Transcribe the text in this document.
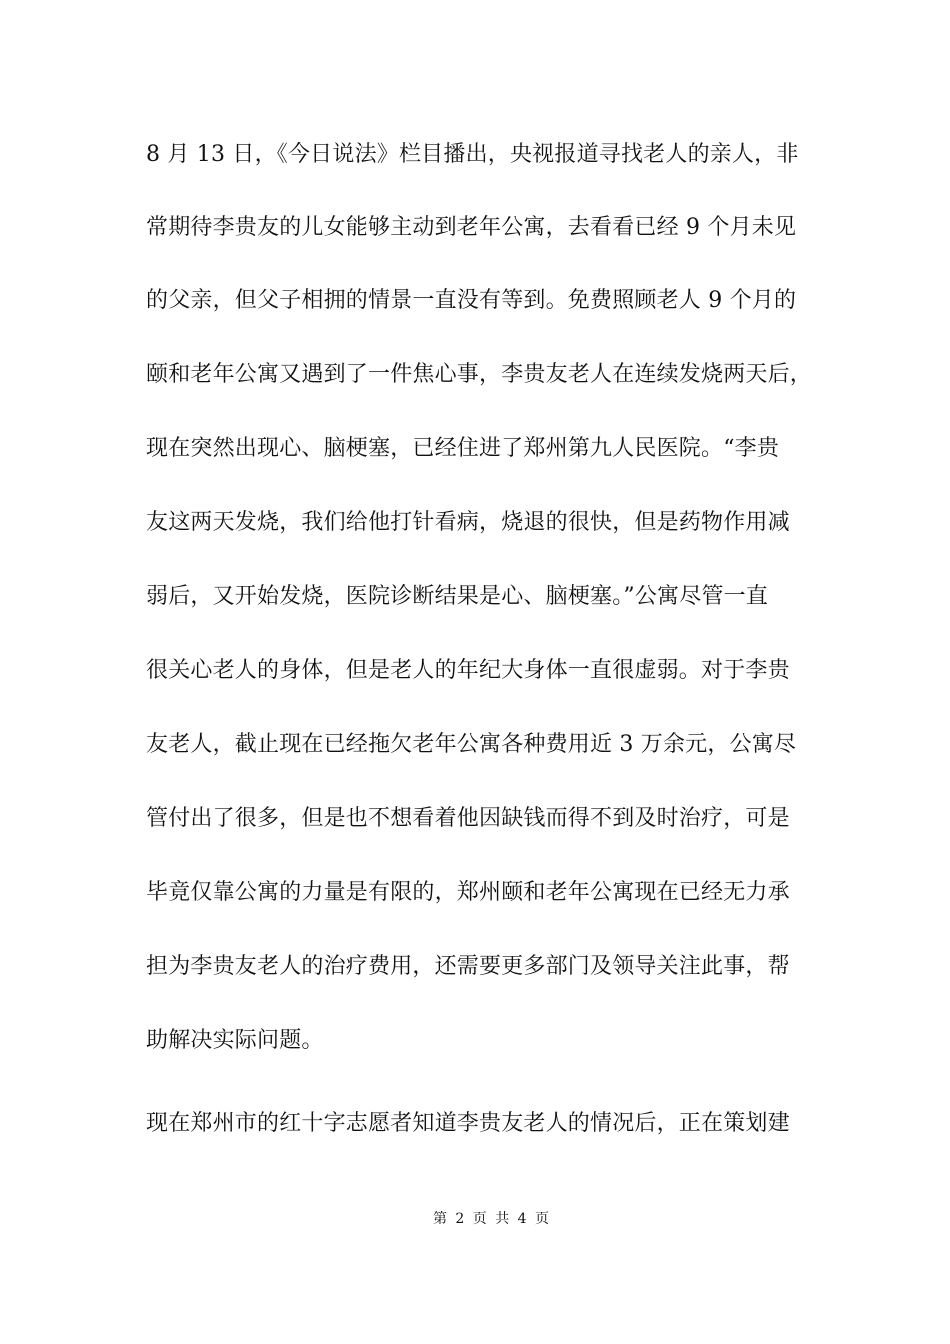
8 月 13 日，《今日说法》栏目播出，央视报道寻找老人的亲人，非
常期待李贵友的儿女能够主动到老年公寓，去看看已经 9 个月未见
的父亲，但父子相拥的情景一直没有等到。免费照顾老人 9 个月的
颐和老年公寓又遇到了一件焦心事，李贵友老人在连续发烧两天后，
现在突然出现心、脑梗塞，已经住进了郑州第九人民医院。“李贵
友这两天发烧，我们给他打针看病，烧退的很快，但是药物作用减
弱后，又开始发烧，医院诊断结果是心、脑梗塞。”公寓尽管一直
很关心老人的身体，但是老人的年纪大身体一直很虚弱。对于李贵
友老人，截止现在已经拖欠老年公寓各种费用近 3 万余元，公寓尽
管付出了很多，但是也不想看着他因缺钱而得不到及时治疗，可是
毕竟仅靠公寓的力量是有限的，郑州颐和老年公寓现在已经无力承
担为李贵友老人的治疗费用，还需要更多部门及领导关注此事，帮
助解决实际问题。
现在郑州市的红十字志愿者知道李贵友老人的情况后，正在策划建
第 2 页 共 4 页
